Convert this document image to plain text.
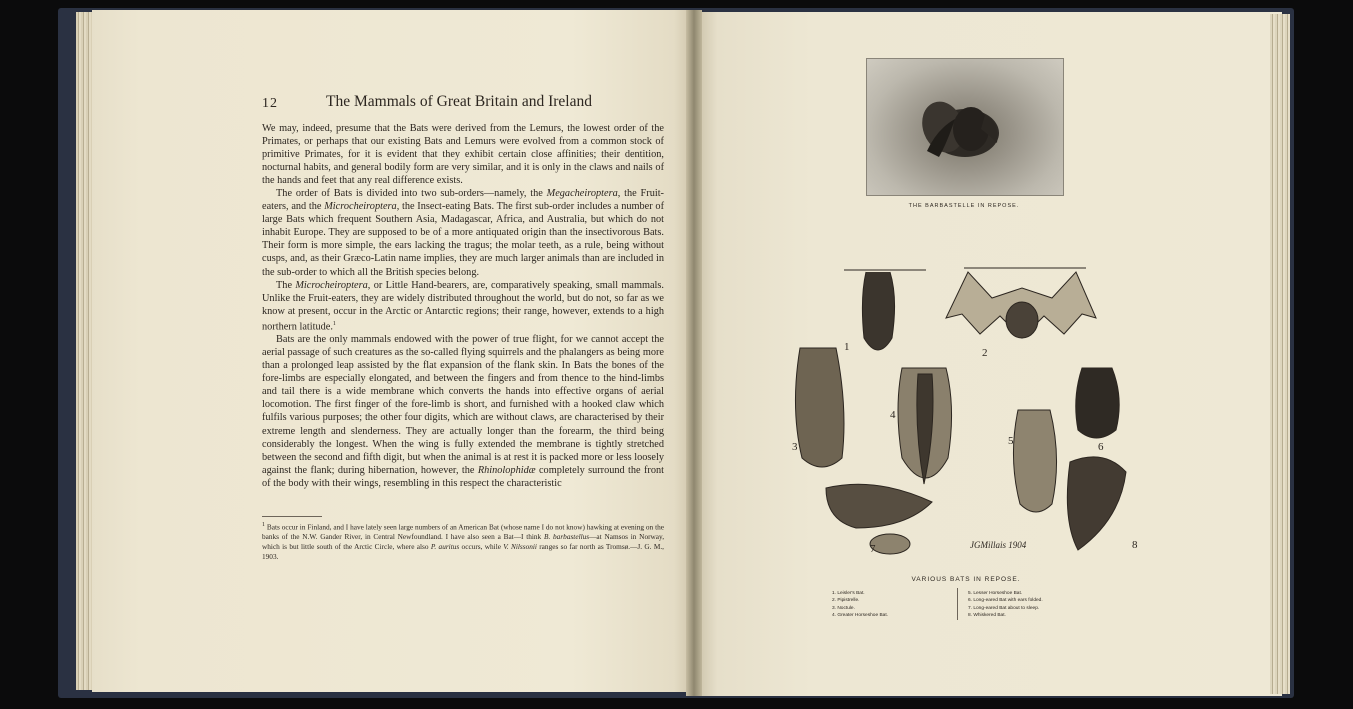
12	The Mammals of Great Britain and Ireland

We may, indeed, presume that the Bats were derived from the Lemurs, the lowest order of the Primates, or perhaps that our existing Bats and Lemurs were evolved from a common stock of primitive Primates, for it is evident that they exhibit certain close affinities; their dentition, nocturnal habits, and general bodily form are very similar, and it is only in the claws and nails of the hands and feet that any real difference exists.

The order of Bats is divided into two sub-orders—namely, the Megacheiroptera, the Fruit-eaters, and the Microcheiroptera, the Insect-eating Bats. The first sub-order includes a number of large Bats which frequent Southern Asia, Madagascar, Africa, and Australia, but which do not inhabit Europe. They are supposed to be of a more antiquated origin than the insectivorous Bats. Their form is more simple, the ears lacking the tragus; the molar teeth, as a rule, being without cusps, and, as their Græco-Latin name implies, they are much larger animals than are included in the sub-order to which all the British species belong.

The Microcheiroptera, or Little Hand-bearers, are, comparatively speaking, small mammals. Unlike the Fruit-eaters, they are widely distributed throughout the world, but do not, so far as we know at present, occur in the Arctic or Antarctic regions; their range, however, extends to a high northern latitude.$^1$

Bats are the only mammals endowed with the power of true flight, for we cannot accept the aerial passage of such creatures as the so-called flying squirrels and the phalangers as being more than a prolonged leap assisted by the flat expansion of the flank skin. In Bats the bones of the fore-limbs are especially elongated, and between the fingers and from thence to the hind-limbs and tail there is a wide membrane which converts the hands into effective organs of aerial locomotion. The first finger of the fore-limb is short, and furnished with a hooked claw which fulfils various purposes; the other four digits, which are without claws, are characterised by their extreme length and slenderness. They are actually longer than the forearm, the third being considerably the longest. When the wing is fully extended the membrane is tightly stretched between the second and fifth digit, but when the animal is at rest it is packed more or less loosely against the flank; during hibernation, however, the Rhinolophidæ completely surround the front of the body with their wings, resembling in this respect the characteristic

$^1$ Bats occur in Finland, and I have lately seen large numbers of an American Bat (whose name I do not know) hawking at evening on the banks of the N.W. Gander River, in Central Newfoundland. I have also seen a Bat—I think B. barbastellus—at Namsos in Norway, which is but little south of the Arctic Circle, where also P. auritus occurs, while V. Nilssonii ranges so far north as Tromsø.—J. G. M., 1903.
THE BARBASTELLE IN REPOSE.
1	2
3
4
5	6
7	8
JGMillais 1904
VARIOUS BATS IN REPOSE.
1. Leisler's Bat.
2. Pipistrelle.
3. Noctule.
4. Greater Horseshoe Bat.
5. Lesser Horseshoe Bat.
6. Long-eared Bat with ears folded.
7. Long-eared Bat about to sleep.
8. Whiskered Bat.
